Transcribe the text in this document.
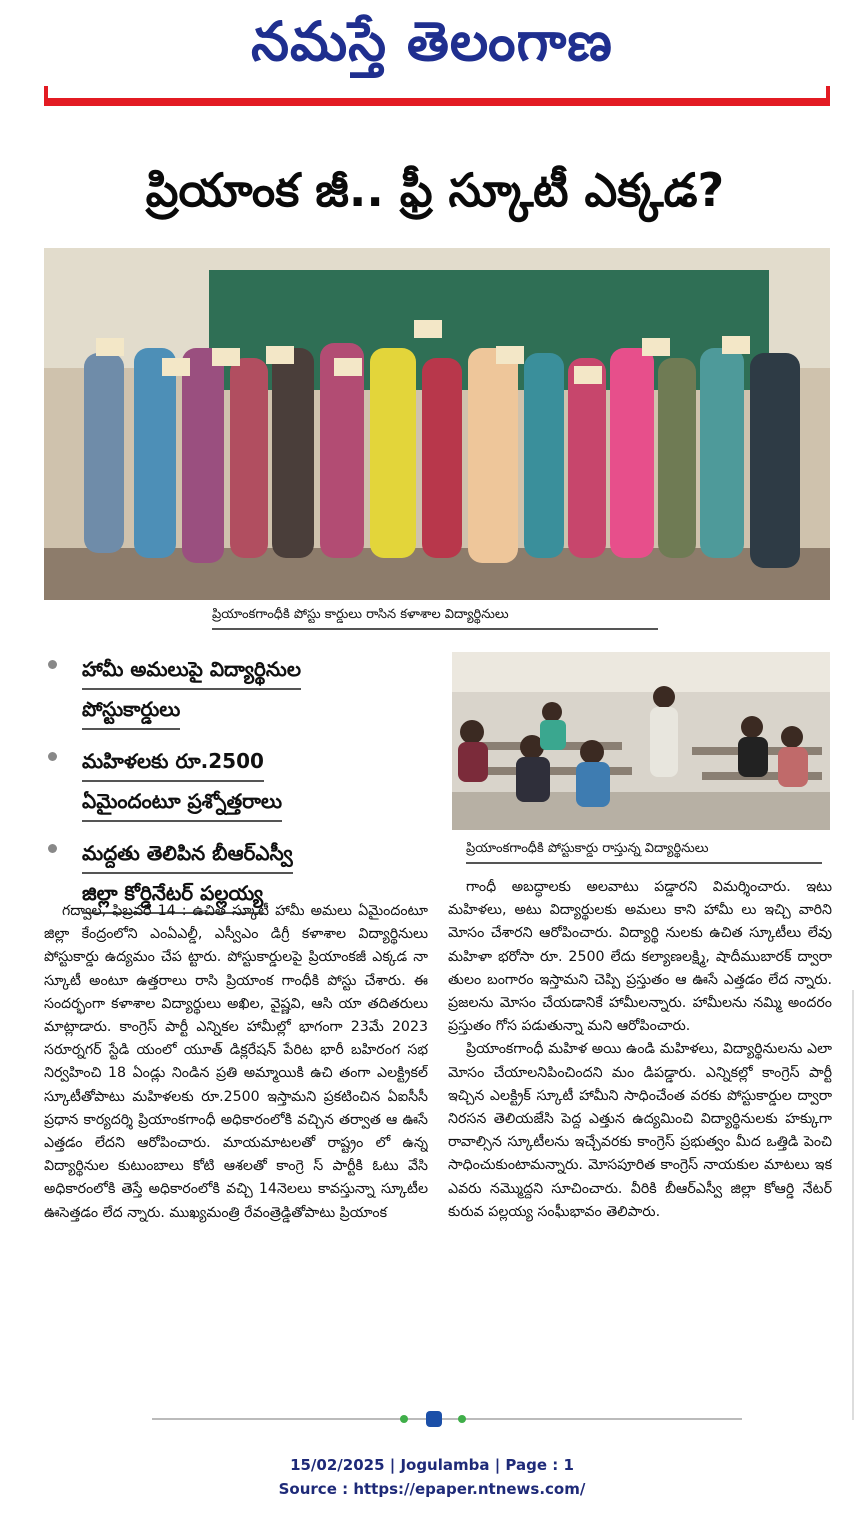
నమస్తే తెలంగాణ
ప్రియాంక జీ.. ఫ్రీ స్కూటీ ఎక్కడ?
ప్రియాంకగాంధీకి పోస్టు కార్డులు రాసిన కళాశాల విద్యార్థినులు
హామీ అమలుపై విద్యార్థినుల
పోస్టుకార్డులు
మహిళలకు రూ.2500
ఏమైందంటూ ప్రశ్నోత్తరాలు
మద్దతు తెలిపిన బీఆర్ఎస్వీ
జిల్లా కోర్డినేటర్ పల్లయ్య
ప్రియాంకగాంధీకి పోస్టుకార్డు రాస్తున్న విద్యార్థినులు

గద్వాల, ఫిబ్రవరి 14 : ఉచిత స్కూటీ హామీ అమలు ఏమైందంటూ జిల్లా కేంద్రంలోని ఎంఏఎల్డీ, ఎస్వీఎం డిగ్రీ కళాశాల విద్యార్థినులు పోస్టుకార్డు ఉద్యమం చేప ట్టారు. పోస్టుకార్డులపై ప్రియాంకజీ ఎక్కడ నా స్కూటీ అంటూ ఉత్తరాలు రాసి ప్రియాంక గాంధీకి పోస్టు చేశారు. ఈ సందర్భంగా కళాశాల విద్యార్థులు అఖిల, వైష్ణవి, ఆసి యా తదితరులు మాట్లాడారు. కాంగ్రెస్ పార్టీ ఎన్నికల హామీల్లో భాగంగా 23మే 2023 సరూర్నగర్ స్టేడి యంలో యూత్ డిక్లరేషన్ పేరిట భారీ బహిరంగ సభ నిర్వహించి 18 ఏండ్లు నిండిన ప్రతి అమ్మాయికి ఉచి తంగా ఎలక్ట్రికల్ స్కూటీతోపాటు మహిళలకు రూ.2500 ఇస్తామని ప్రకటించిన ఏఐసీసీ ప్రధాన కార్యదర్శి ప్రియాంకగాంధీ అధికారంలోకి వచ్చిన తర్వాత ఆ ఊసే ఎత్తడం లేదని ఆరోపించారు. మాయమాటలతో రాష్ట్రం లో ఉన్న విద్యార్థినుల కుటుంబాలు కోటి ఆశలతో కాంగ్రె స్ పార్టీకి ఓటు వేసి అధికారంలోకి తెస్తే అధికారంలోకి వచ్చి 14నెలలు కావస్తున్నా స్కూటీల ఊసెత్తడం లేద న్నారు. ముఖ్యమంత్రి రేవంత్రెడ్డితోపాటు ప్రియాంక

గాంధీ అబద్ధాలకు అలవాటు పడ్డారని విమర్శించారు. ఇటు మహిళలు, అటు విద్యార్థులకు అమలు కాని హామీ లు ఇచ్చి వారిని మోసం చేశారని ఆరోపించారు. విద్యార్థి నులకు ఉచిత స్కూటీలు లేవు మహిళా భరోసా రూ. 2500 లేదు కల్యాణలక్ష్మి, షాదీముబారక్ ద్వారా తులం బంగారం ఇస్తామని చెప్పి ప్రస్తుతం ఆ ఊసే ఎత్తడం లేద న్నారు. ప్రజలను మోసం చేయడానికే హామీలన్నారు. హామీలను నమ్మి అందరం ప్రస్తుతం గోస పడుతున్నా మని ఆరోపించారు.

ప్రియాంకగాంధీ మహిళ అయి ఉండి మహిళలు, విద్యార్థినులను ఎలా మోసం చేయాలనిపించిందని మం డిపడ్డారు. ఎన్నికల్లో కాంగ్రెస్ పార్టీ ఇచ్చిన ఎలక్ట్రిక్ స్కూటీ హామీని సాధించేంత వరకు పోస్టుకార్డుల ద్వారా నిరసన తెలియజేసి పెద్ద ఎత్తున ఉద్యమించి విద్యార్థినులకు హక్కుగా రావాల్సిన స్కూటీలను ఇచ్చేవరకు కాంగ్రెస్ ప్రభుత్వం మీద ఒత్తిడి పెంచి సాధించుకుంటామన్నారు. మోసపూరిత కాంగ్రెస్ నాయకుల మాటలు ఇక ఎవరు నమ్మొద్దని సూచించారు. వీరికి బీఆర్ఎస్వీ జిల్లా కోఆర్డి నేటర్ కురువ పల్లయ్య సంఘీభావం తెలిపారు.

15/02/2025 | Jogulamba | Page : 1
Source : https://epaper.ntnews.com/
